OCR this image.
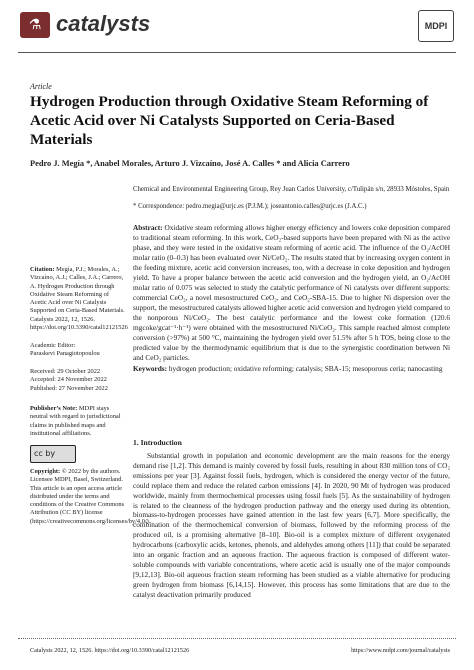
⚗ catalysts	MDPI
Article
Hydrogen Production through Oxidative Steam Reforming of Acetic Acid over Ni Catalysts Supported on Ceria-Based Materials
Pedro J. Megía *, Anabel Morales, Arturo J. Vizcaíno, José A. Calles * and Alicia Carrero
Chemical and Environmental Engineering Group, Rey Juan Carlos University, c/Tulipán s/n, 28933 Móstoles, Spain
* Correspondence: pedro.megia@urjc.es (P.J.M.); joseantonio.calles@urjc.es (J.A.C.)
Abstract: Oxidative steam reforming allows higher energy efficiency and lowers coke deposition compared to traditional steam reforming. In this work, CeO₂-based supports have been prepared with Ni as the active phase, and they were tested in the oxidative steam reforming of acetic acid. The influence of the O₂/AcOH molar ratio (0–0.3) has been evaluated over Ni/CeO₂. The results stated that by increasing oxygen content in the feeding mixture, acetic acid conversion increases, too, with a decrease in coke deposition and hydrogen yield. To have a proper balance between the acetic acid conversion and the hydrogen yield, an O₂/AcOH molar ratio of 0.075 was selected to study the catalytic performance of Ni catalysts over different supports: commercial CeO₂, a novel mesostructured CeO₂, and CeO₂-SBA-15. Due to higher Ni dispersion over the support, the mesostructured catalysts allowed higher acetic acid conversion and hydrogen yield compared to the nonporous Ni/CeO₂. The best catalytic performance and the lowest coke formation (120.6 mgcoke/gcat⁻¹·h⁻¹) were obtained with the mesostructured Ni/CeO₂. This sample reached almost complete conversion (>97%) at 500 °C, maintaining the hydrogen yield over 51.5% after 5 h TOS, being close to the predicted value by the thermodynamic equilibrium that is due to the synergistic coordination between Ni and CeO₂ particles.
Keywords: hydrogen production; oxidative reforming; catalysis; SBA-15; mesoporous ceria; nanocasting
Citation: Megía, P.J.; Morales, A.; Vizcaíno, A.J.; Calles, J.A.; Carrero, A. Hydrogen Production through Oxidative Steam Reforming of Acetic Acid over Ni Catalysts Supported on Ceria-Based Materials. Catalysts 2022, 12, 1526. https://doi.org/10.3390/catal12121526
Academic Editor:
Paraskevi Panagiotopoulou
Received: 29 October 2022
Accepted: 24 November 2022
Published: 27 November 2022
Publisher’s Note: MDPI stays neutral with regard to jurisdictional claims in published maps and institutional affiliations.
cc by
Copyright: © 2022 by the authors. Licensee MDPI, Basel, Switzerland. This article is an open access article distributed under the terms and conditions of the Creative Commons Attribution (CC BY) license (https://creativecommons.org/licenses/by/4.0/).
1. Introduction
Substantial growth in population and economic development are the main reasons for the energy demand rise [1,2]. This demand is mainly covered by fossil fuels, resulting in about 830 million tons of CO₂ emissions per year [3]. Against fossil fuels, hydrogen, which is considered the energy vector of the future, could replace them and reduce the related carbon emissions [4]. In 2020, 90 Mt of hydrogen was produced worldwide, mainly from thermochemical processes using fossil fuels [5]. As the sustainability of hydrogen is related to the cleanness of the hydrogen production pathway and the energy used during its obtention, biomass-to-hydrogen processes have gained attention in the last few years [6,7]. More specifically, the combination of the thermochemical conversion of biomass, followed by the reforming process of the produced oil, is a promising alternative [8–10]. Bio-oil is a complex mixture of different oxygenated hydrocarbons (carboxylic acids, ketones, phenols, and aldehydes among others [11]) that could be separated into an organic fraction and an aqueous fraction. The aqueous fraction is composed of different water-soluble compounds with variable concentrations, where acetic acid is usually one of the major compounds [9,12,13]. Bio-oil aqueous fraction steam reforming has been studied as a viable alternative for producing green hydrogen from biomass [6,14,15]. However, this process has some limitations that are due to the catalyst deactivation primarily produced
Catalysts 2022, 12, 1526. https://doi.org/10.3390/catal12121526	https://www.mdpi.com/journal/catalysts
